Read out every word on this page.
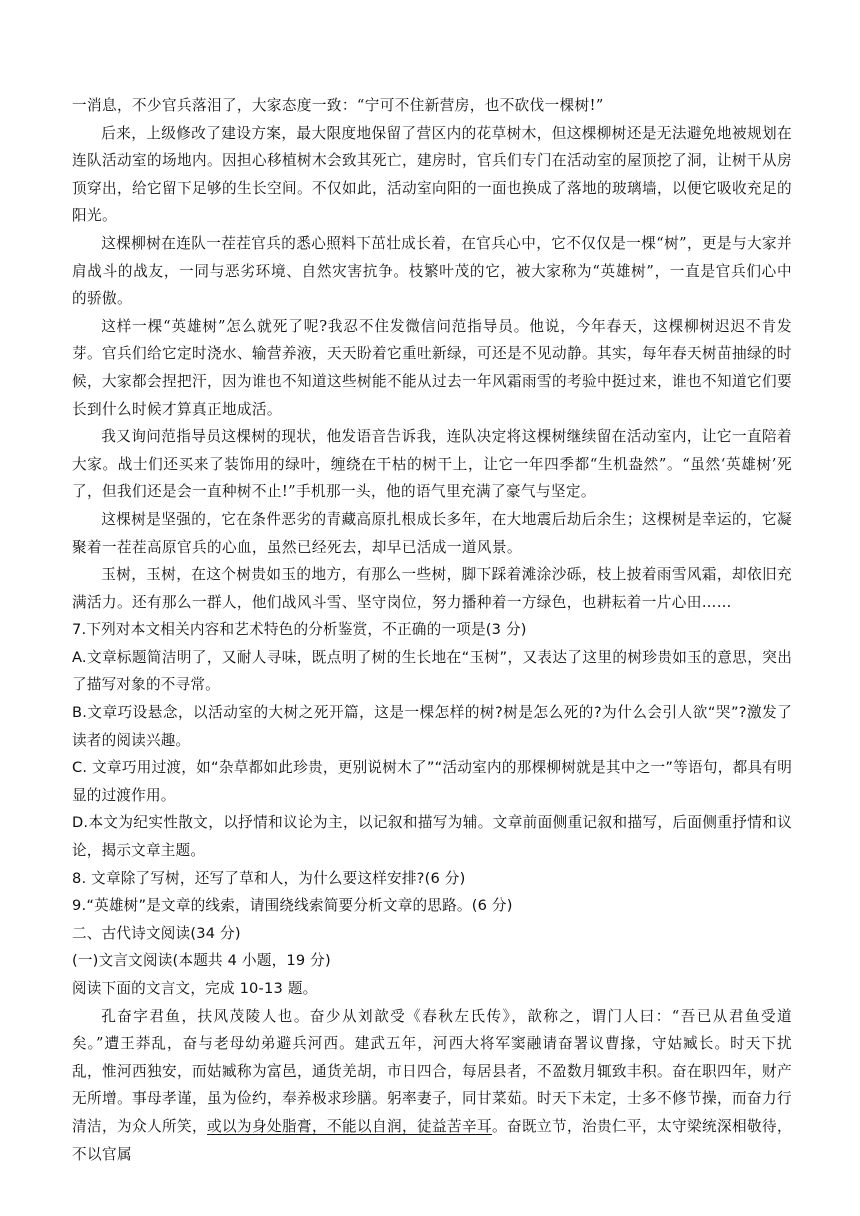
一消息，不少官兵落泪了，大家态度一致：“宁可不住新营房，也不砍伐一棵树!”

后来，上级修改了建设方案，最大限度地保留了营区内的花草树木，但这棵柳树还是无法避免地被规划在连队活动室的场地内。因担心移植树木会致其死亡，建房时，官兵们专门在活动室的屋顶挖了洞，让树干从房顶穿出，给它留下足够的生长空间。不仅如此，活动室向阳的一面也换成了落地的玻璃墙，以便它吸收充足的阳光。

这棵柳树在连队一茬茬官兵的悉心照料下茁壮成长着，在官兵心中，它不仅仅是一棵“树”，更是与大家并肩战斗的战友，一同与恶劣环境、自然灾害抗争。枝繁叶茂的它，被大家称为“英雄树”，一直是官兵们心中的骄傲。

这样一棵“英雄树”怎么就死了呢?我忍不住发微信问范指导员。他说，今年春天，这棵柳树迟迟不肯发芽。官兵们给它定时浇水、输营养液，天天盼着它重吐新绿，可还是不见动静。其实，每年春天树苗抽绿的时候，大家都会捏把汗，因为谁也不知道这些树能不能从过去一年风霜雨雪的考验中挺过来，谁也不知道它们要长到什么时候才算真正地成活。

我又询问范指导员这棵树的现状，他发语音告诉我，连队决定将这棵树继续留在活动室内，让它一直陪着大家。战士们还买来了装饰用的绿叶，缠绕在干枯的树干上，让它一年四季都“生机盎然”。“虽然‘英雄树’死了，但我们还是会一直种树不止!”手机那一头，他的语气里充满了豪气与坚定。

这棵树是坚强的，它在条件恶劣的青藏高原扎根成长多年，在大地震后劫后余生；这棵树是幸运的，它凝聚着一茬茬高原官兵的心血，虽然已经死去，却早已活成一道风景。

玉树，玉树，在这个树贵如玉的地方，有那么一些树，脚下踩着滩涂沙砾，枝上披着雨雪风霜，却依旧充满活力。还有那么一群人，他们战风斗雪、坚守岗位，努力播种着一方绿色，也耕耘着一片心田……

7.下列对本文相关内容和艺术特色的分析鉴赏，不正确的一项是(3 分)

A.文章标题简洁明了，又耐人寻味，既点明了树的生长地在“玉树”，又表达了这里的树珍贵如玉的意思，突出了描写对象的不寻常。

B.文章巧设悬念，以活动室的大树之死开篇，这是一棵怎样的树?树是怎么死的?为什么会引人欲“哭”?激发了读者的阅读兴趣。

C. 文章巧用过渡，如“杂草都如此珍贵，更别说树木了”“活动室内的那棵柳树就是其中之一”等语句，都具有明显的过渡作用。

D.本文为纪实性散文，以抒情和议论为主，以记叙和描写为辅。文章前面侧重记叙和描写，后面侧重抒情和议论，揭示文章主题。

8. 文章除了写树，还写了草和人，为什么要这样安排?(6 分)

9.“英雄树”是文章的线索，请围绕线索简要分析文章的思路。(6 分)

二、古代诗文阅读(34 分)

(一)文言文阅读(本题共 4 小题，19 分)

阅读下面的文言文，完成 10-13 题。

孔奋字君鱼，扶风茂陵人也。奋少从刘歆受《春秋左氏传》，歆称之，谓门人曰：“吾已从君鱼受道矣。”遭王莽乱，奋与老母幼弟避兵河西。建武五年，河西大将军窦融请奋署议曹掾，守姑臧长。时天下扰乱，惟河西独安，而姑臧称为富邑，通货羌胡，市日四合，每居县者，不盈数月辄致丰积。奋在职四年，财产无所增。事母孝谨，虽为俭约，奉养极求珍膳。躬率妻子，同甘菜茹。时天下未定，士多不修节操，而奋力行清洁，为众人所笑，或以为身处脂膏，不能以自润，徒益苦辛耳。奋既立节，治贵仁平，太守梁统深相敬待，不以官属
